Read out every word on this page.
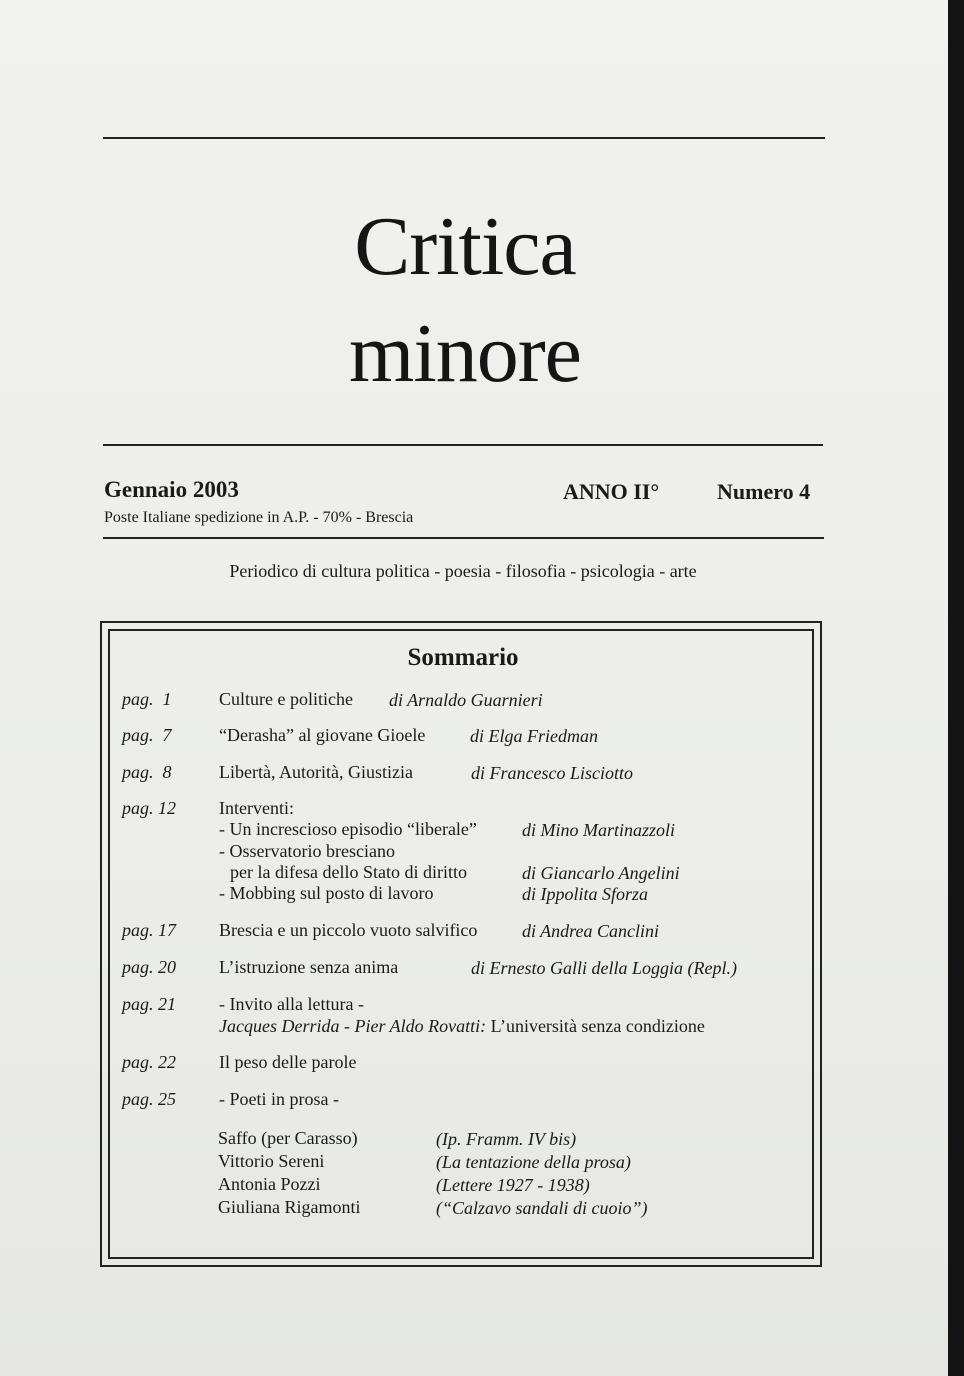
Critica
minore
Gennaio 2003	ANNO II°	Numero 4
Poste Italiane spedizione in A.P. - 70% - Brescia
Periodico di cultura politica - poesia - filosofia - psicologia - arte
Sommario
pag.  1	Culture e politiche di Arnaldo Guarnieri
pag.  7	“Derasha” al giovane Gioele di Elga Friedman
pag.  8	Libertà, Autorità, Giustizia	di Francesco Lisciotto
pag. 12 Interventi:
- Un increscioso episodio “liberale”	di Mino Martinazzoli
- Osservatorio bresciano
per la difesa dello Stato di diritto	di Giancarlo Angelini
- Mobbing sul posto di lavoro	di Ippolita Sforza
pag. 17 Brescia e un piccolo vuoto salvifico di Andrea Canclini
pag. 20 L’istruzione senza anima	di Ernesto Galli della Loggia (Repl.)
pag. 21 - Invito alla lettura -
Jacques Derrida - Pier Aldo Rovatti: L’università senza condizione
pag. 22 Il peso delle parole
pag. 25 - Poeti in prosa -
Saffo (per Carasso)	(Ip. Framm. IV bis)
Vittorio Sereni	(La tentazione della prosa)
Antonia Pozzi	(Lettere 1927 - 1938)
Giuliana Rigamonti	(“Calzavo sandali di cuoio”)
